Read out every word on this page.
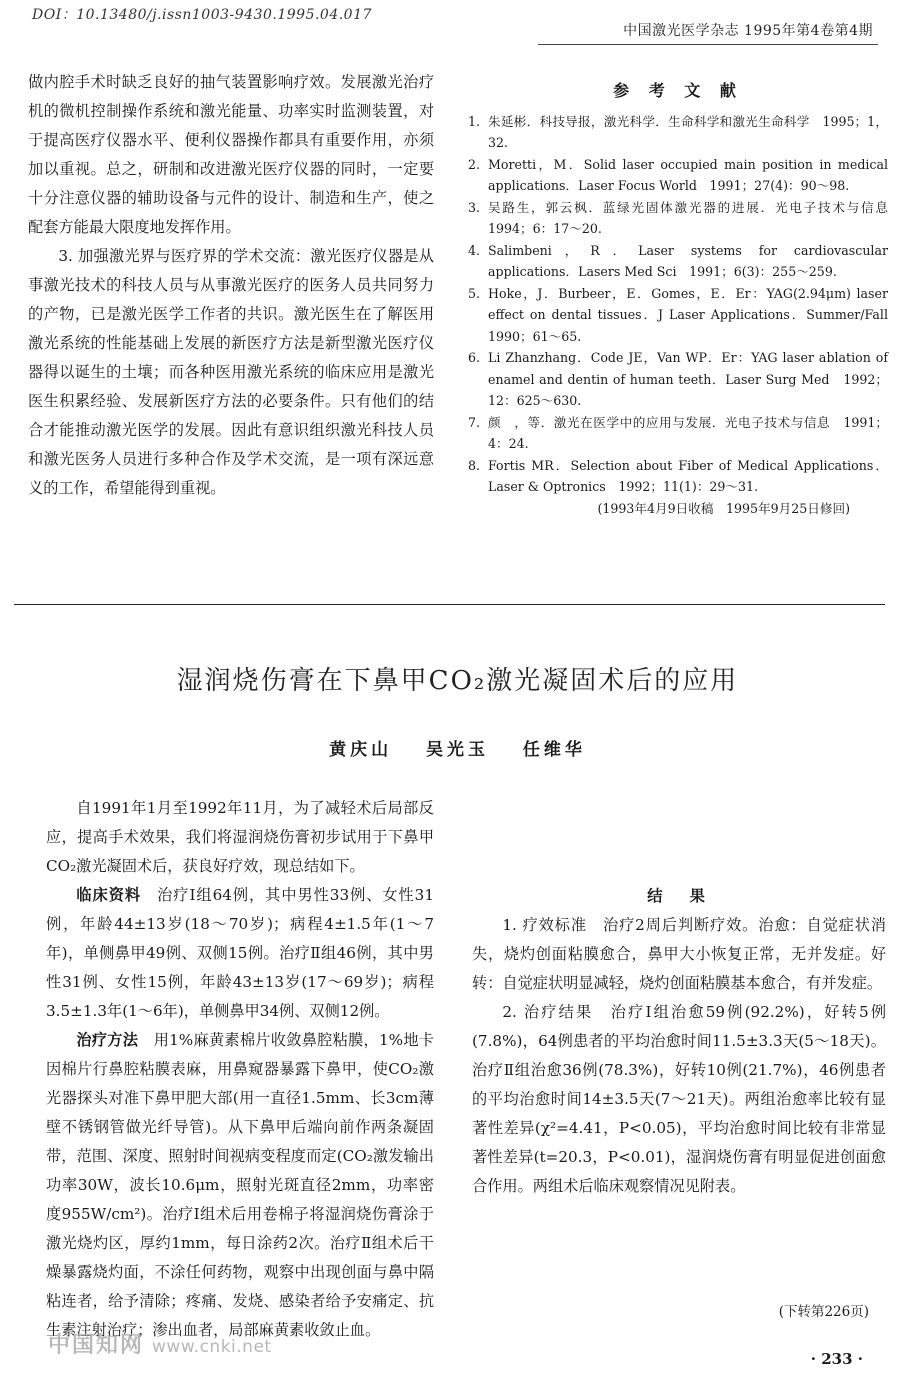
DOI：10.13480/j.issn1003-9430.1995.04.017
中国激光医学杂志 1995年第4卷第4期

做内腔手术时缺乏良好的抽气装置影响疗效。发展激光治疗机的微机控制操作系统和激光能量、功率实时监测装置，对于提高医疗仪器水平、便利仪器操作都具有重要作用，亦须加以重视。总之，研制和改进激光医疗仪器的同时，一定要十分注意仪器的辅助设备与元件的设计、制造和生产，使之配套方能最大限度地发挥作用。

3. 加强激光界与医疗界的学术交流：激光医疗仪器是从事激光技术的科技人员与从事激光医疗的医务人员共同努力的产物，已是激光医学工作者的共识。激光医生在了解医用激光系统的性能基础上发展的新医疗方法是新型激光医疗仪器得以诞生的土壤；而各种医用激光系统的临床应用是激光医生积累经验、发展新医疗方法的必要条件。只有他们的结合才能推动激光医学的发展。因此有意识组织激光科技人员和激光医务人员进行多种合作及学术交流，是一项有深远意义的工作，希望能得到重视。

参 考 文 献
1. 朱延彬．科技导报，激光科学．生命科学和激光生命科学　1995；1，32.
2. Moretti，M．Solid laser occupied main position in medical applications．Laser Focus World　1991；27(4)：90～98.
3. 吴路生，郭云枫．蓝绿光固体激光器的进展．光电子技术与信息　1994；6：17～20.
4. Salimbeni，R．Laser systems for cardiovascular applications．Lasers Med Sci　1991；6(3)：255～259.
5. Hoke，J．Burbeer，E．Gomes，E．Er：YAG(2.94μm) laser effect on dental tissues．J Laser Applications．Summer/Fall　1990；61～65.
6. Li Zhanzhang．Code JE，Van WP．Er：YAG laser ablation of enamel and dentin of human teeth．Laser Surg Med　1992；12：625～630.
7. 颜　，等．激光在医学中的应用与发展．光电子技术与信息　1991；4：24.
8. Fortis MR．Selection about Fiber of Medical Applications．Laser & Optronics　1992；11(1)：29～31.
(1993年4月9日收稿　1995年9月25日修回)
湿润烧伤膏在下鼻甲CO₂激光凝固术后的应用
黄庆山 吴光玉 任维华

自1991年1月至1992年11月，为了减轻术后局部反应，提高手术效果，我们将湿润烧伤膏初步试用于下鼻甲CO₂激光凝固术后，获良好疗效，现总结如下。

临床资料　 治疗Ⅰ组64例，其中男性33例、女性31例，年龄44±13岁(18～70岁)；病程4±1.5年(1～7年)，单侧鼻甲49例、双侧15例。治疗Ⅱ组46例，其中男性31例、女性15例，年龄43±13岁(17～69岁)；病程3.5±1.3年(1～6年)，单侧鼻甲34例、双侧12例。

治疗方法　 用1%麻黄素棉片收敛鼻腔粘膜，1%地卡因棉片行鼻腔粘膜表麻，用鼻窥器暴露下鼻甲，使CO₂激光器探头对准下鼻甲肥大部(用一直径1.5mm、长3cm薄壁不锈钢管做光纤导管)。从下鼻甲后端向前作两条凝固带，范围、深度、照射时间视病变程度而定(CO₂激发输出功率30W，波长10.6μm，照射光斑直径2mm，功率密度955W/cm²)。治疗Ⅰ组术后用卷棉子将湿润烧伤膏涂于激光烧灼区，厚约1mm，每日涂药2次。治疗Ⅱ组术后干燥暴露烧灼面，不涂任何药物，观察中出现创面与鼻中隔粘连者，给予清除；疼痛、发烧、感染者给予安痛定、抗生素注射治疗；渗出血者，局部麻黄素收敛止血。

结　果

1. 疗效标准　 治疗2周后判断疗效。治愈：自觉症状消失，烧灼创面粘膜愈合，鼻甲大小恢复正常，无并发症。好转：自觉症状明显减轻，烧灼创面粘膜基本愈合，有并发症。

2. 治疗结果　 治疗Ⅰ组治愈59例(92.2%)，好转5例(7.8%)，64例患者的平均治愈时间11.5±3.3天(5～18天)。治疗Ⅱ组治愈36例(78.3%)，好转10例(21.7%)，46例患者的平均治愈时间14±3.5天(7～21天)。两组治愈率比较有显著性差异(χ²=4.41，P<0.05)，平均治愈时间比较有非常显著性差异(t=20.3，P<0.01)，湿润烧伤膏有明显促进创面愈合作用。两组术后临床观察情况见附表。

(下转第226页)
中国知网 www.cnki.net
· 233 ·
